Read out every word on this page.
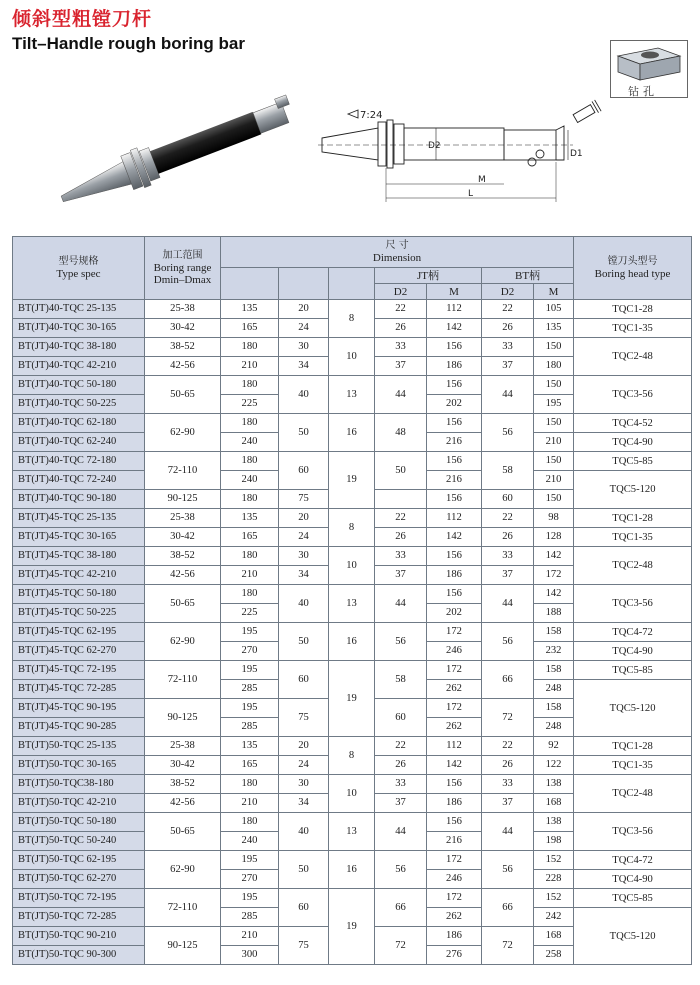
倾斜型粗镗刀杆
Tilt–Handle rough boring bar
7:24
D2
D1
M
L
钻孔
型号规格
Type spec	加工范围
Boring range
Dmin–Dmax	尺 寸
Dimension							镗刀头型号
Boring head type
					JT柄		BT柄		
					D2	M	D2	M	
BT(JT)40-TQC 25-135	25-38	135	20	8	22	112	22	105	TQC1-28

BT(JT)40-TQC 30-165	30-42	165	24		26	142	26	135	TQC1-35

BT(JT)40-TQC 38-180	38-52	180	30	10	33	156	33	150	TQC2-48

BT(JT)40-TQC 42-210	42-56	210	34		37	186	37	180	
BT(JT)40-TQC 50-180	50-65	180	40	13	44	156	44	150	TQC3-56

BT(JT)40-TQC 50-225		225				202		195	
BT(JT)40-TQC 62-180	62-90	180	50	16	48	156	56	150	TQC4-52

BT(JT)40-TQC 62-240		240				216		210	TQC4-90

BT(JT)40-TQC 72-180	72-110	180	60	19	50	156	58	150	TQC5-85

BT(JT)40-TQC 72-240		240				216		210	TQC5-120

BT(JT)40-TQC 90-180	90-125	180	75			156	60	150	
BT(JT)45-TQC 25-135	25-38	135	20	8	22	112	22	98	TQC1-28

BT(JT)45-TQC 30-165	30-42	165	24		26	142	26	128	TQC1-35

BT(JT)45-TQC 38-180	38-52	180	30	10	33	156	33	142	TQC2-48

BT(JT)45-TQC 42-210	42-56	210	34		37	186	37	172	
BT(JT)45-TQC 50-180	50-65	180	40	13	44	156	44	142	TQC3-56

BT(JT)45-TQC 50-225		225				202		188	
BT(JT)45-TQC 62-195	62-90	195	50	16	56	172	56	158	TQC4-72

BT(JT)45-TQC 62-270		270				246		232	TQC4-90

BT(JT)45-TQC 72-195	72-110	195	60	19	58	172	66	158	TQC5-85

BT(JT)45-TQC 72-285		285				262		248	TQC5-120

BT(JT)45-TQC 90-195	90-125	195	75		60	172	72	158	
BT(JT)45-TQC 90-285		285				262		248	
BT(JT)50-TQC 25-135	25-38	135	20	8	22	112	22	92	TQC1-28

BT(JT)50-TQC 30-165	30-42	165	24		26	142	26	122	TQC1-35

BT(JT)50-TQC38-180	38-52	180	30	10	33	156	33	138	TQC2-48

BT(JT)50-TQC 42-210	42-56	210	34		37	186	37	168	
BT(JT)50-TQC 50-180	50-65	180	40	13	44	156	44	138	TQC3-56

BT(JT)50-TQC 50-240		240				216		198	
BT(JT)50-TQC 62-195	62-90	195	50	16	56	172	56	152	TQC4-72

BT(JT)50-TQC 62-270		270				246		228	TQC4-90

BT(JT)50-TQC 72-195	72-110	195	60	19	66	172	66	152	TQC5-85

BT(JT)50-TQC 72-285		285				262		242	TQC5-120

BT(JT)50-TQC 90-210	90-125	210	75		72	186	72	168	
BT(JT)50-TQC 90-300		300				276		258	
